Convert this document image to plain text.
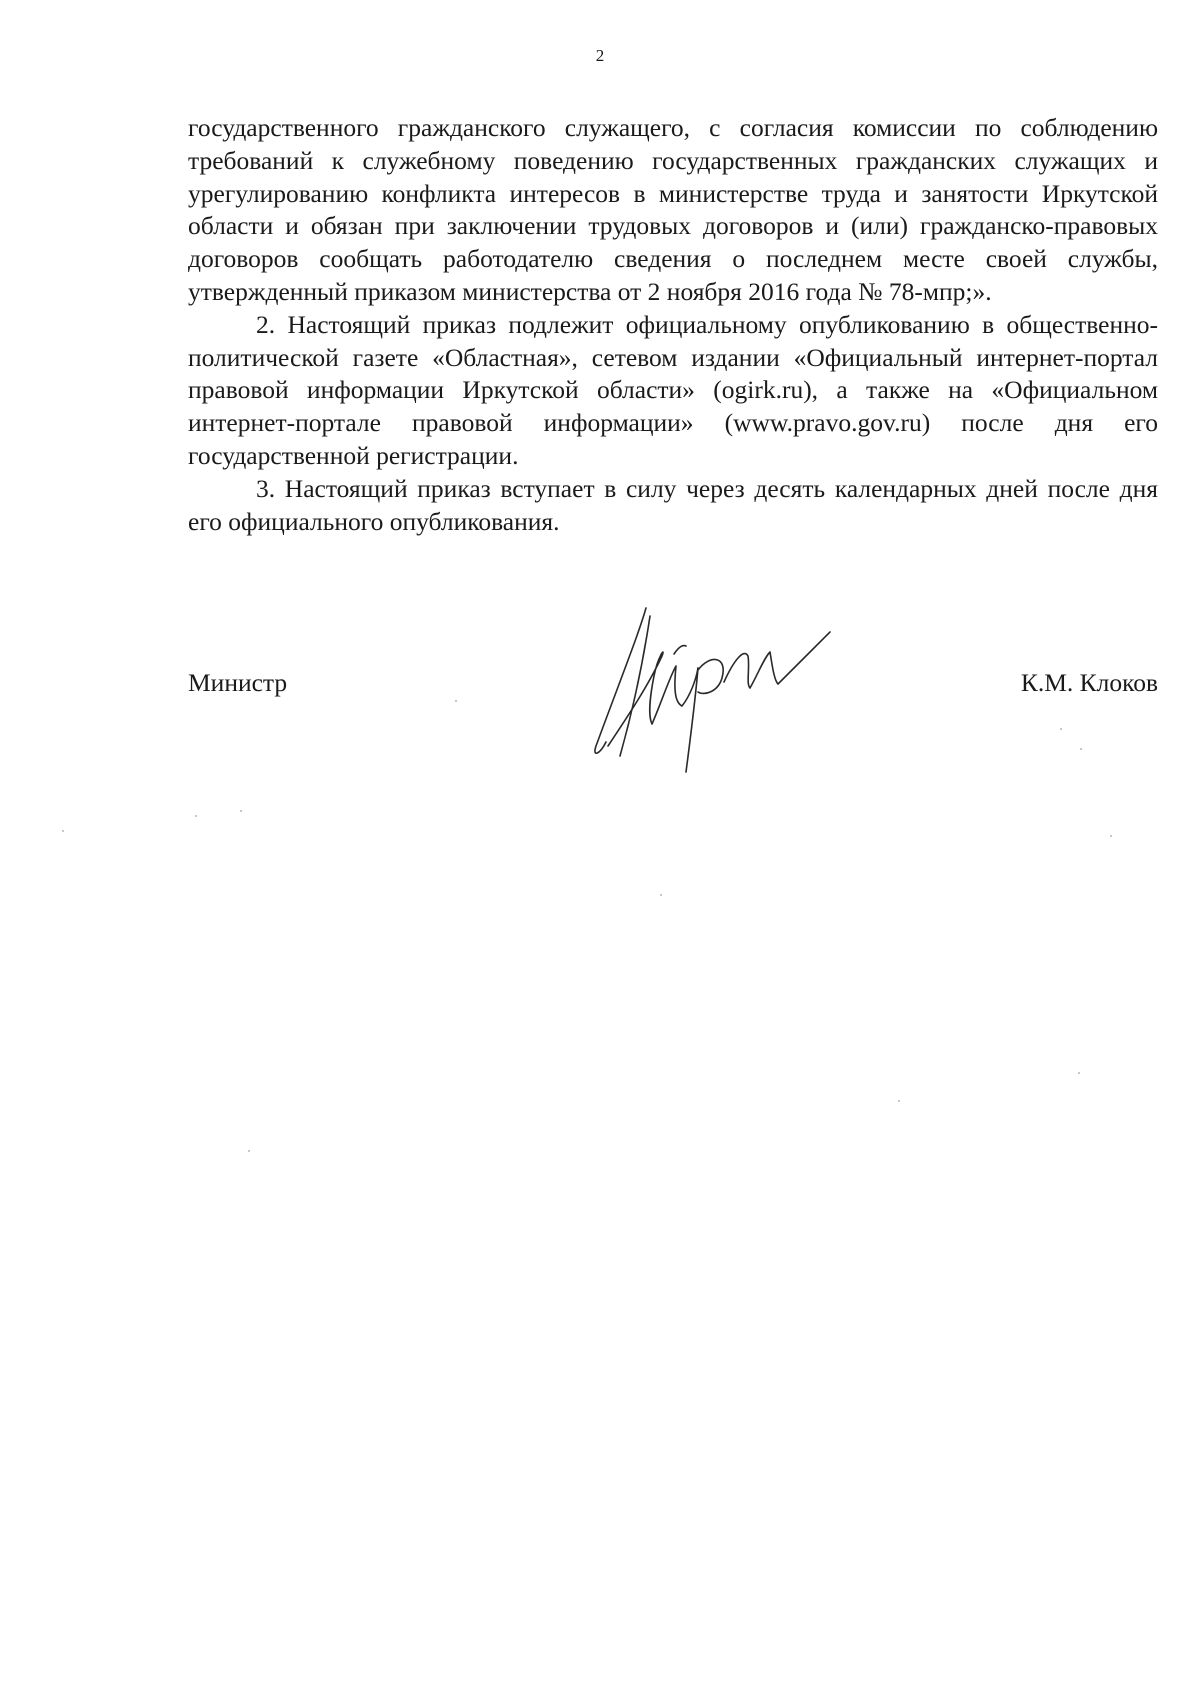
2

государственного гражданского служащего, с согласия комиссии по соблюдению требований к служебному поведению государственных гражданских служащих и урегулированию конфликта интересов в министерстве труда и занятости Иркутской области и обязан при заключении трудовых договоров и (или) гражданско-правовых договоров сообщать работодателю сведения о последнем месте своей службы, утвержденный приказом министерства от 2 ноября 2016 года № 78-мпр;».

2. Настоящий приказ подлежит официальному опубликованию в общественно-политической газете «Областная», сетевом издании «Официальный интернет-портал правовой информации Иркутской области» (ogirk.ru), а также на «Официальном интернет-портале правовой информации» (www.pravo.gov.ru) после дня его государственной регистрации.

3. Настоящий приказ вступает в силу через десять календарных дней после дня его официального опубликования.

Министр	К.М. Клоков
